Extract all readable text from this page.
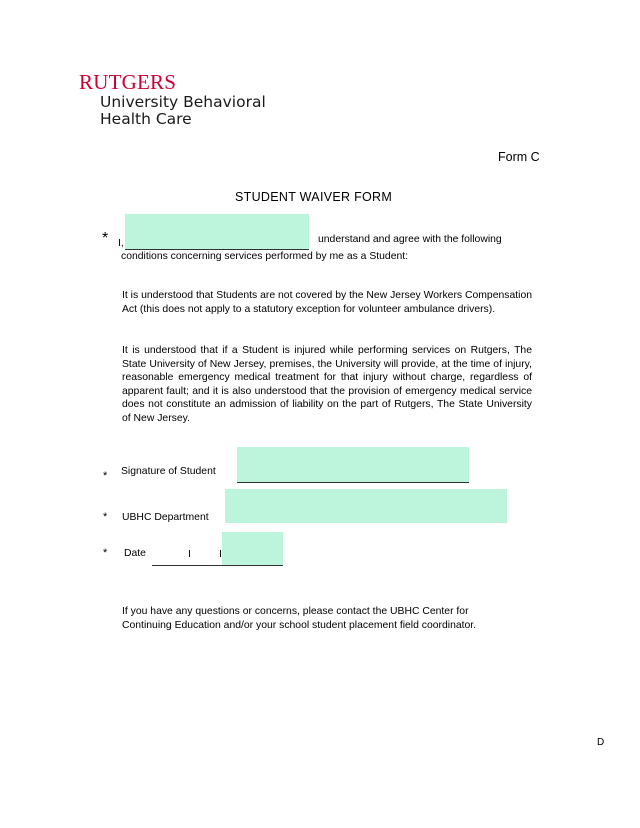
RUTGERS
University Behavioral
Health Care
Form C
STUDENT WAIVER FORM
* I,	understand and agree with the following
conditions concerning services performed by me as a Student:
It is understood that Students are not covered by the New Jersey Workers Compensation Act (this does not apply to a statutory exception for volunteer ambulance drivers).
It is understood that if a Student is injured while performing services on Rutgers, The State University of New Jersey, premises, the University will provide, at the time of injury, reasonable emergency medical treatment for that injury without charge, regardless of apparent fault; and it is also understood that the provision of emergency medical service does not constitute an admission of liability on the part of Rutgers, The State University of New Jersey.
* Signature of Student
* UBHC Department
* Date	I	I
If you have any questions or concerns, please contact the UBHC Center for Continuing Education and/or your school student placement field coordinator.
D
